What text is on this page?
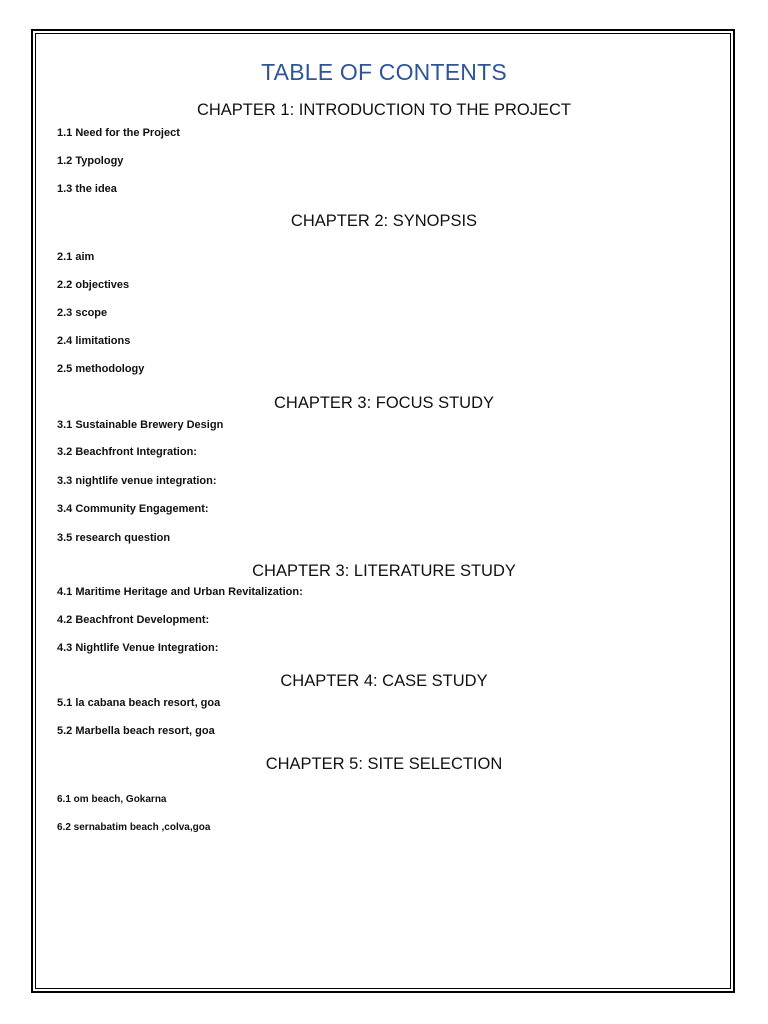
TABLE OF CONTENTS
CHAPTER 1: INTRODUCTION TO THE PROJECT
1.1 Need for the Project
1.2 Typology
1.3 the idea
CHAPTER 2: SYNOPSIS
2.1 aim
2.2 objectives
2.3 scope
2.4 limitations
2.5 methodology
CHAPTER 3: FOCUS STUDY
3.1 Sustainable Brewery Design
3.2 Beachfront Integration:
3.3 nightlife venue integration:
3.4 Community Engagement:
3.5 research question
CHAPTER 3: LITERATURE STUDY
4.1 Maritime Heritage and Urban Revitalization:
4.2 Beachfront Development:
4.3 Nightlife Venue Integration:
CHAPTER 4: CASE STUDY
5.1 la cabana beach resort, goa
5.2 Marbella beach resort, goa
CHAPTER 5: SITE SELECTION
6.1 om beach, Gokarna
6.2 sernabatim beach ,colva,goa
